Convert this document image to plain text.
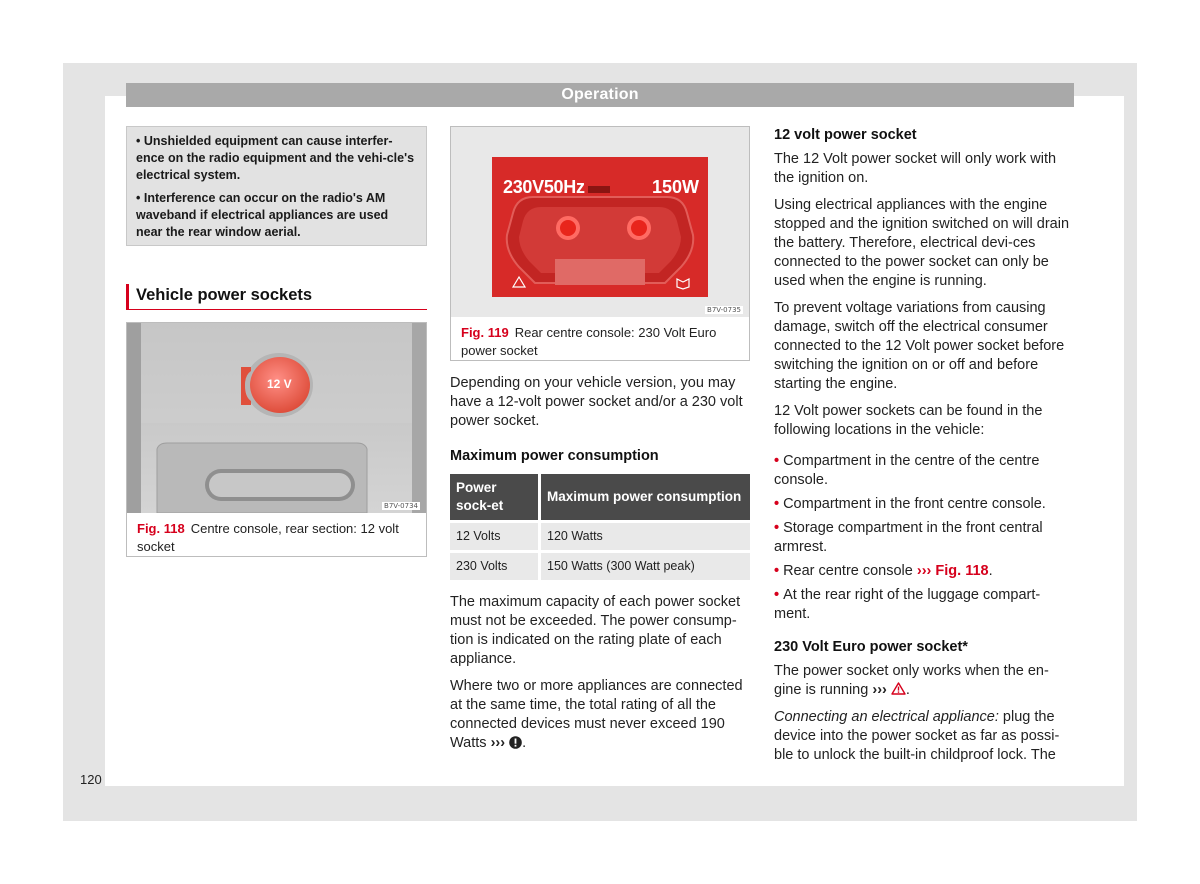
Operation

• Unshielded equipment can cause interfer-ence on the radio equipment and the vehi-cle's electrical system.

• Interference can occur on the radio's AM waveband if electrical appliances are used near the rear window aerial.

Vehicle power sockets
12 V
B7V-0734
Fig. 118 Centre console, rear section: 12 volt socket
230V50Hz	150W
B7V-0735
Fig. 119 Rear centre console: 230 Volt Euro power socket

Depending on your vehicle version, you may have a 12-volt power socket and/or a 230 volt power socket.

Maximum power consumption

Power sock-et	Maximum power consumption
12 Volts	120 Watts
230 Volts	150 Watts (300 Watt peak)

The maximum capacity of each power socket must not be exceeded. The power consump-tion is indicated on the rating plate of each appliance.

Where two or more appliances are connected at the same time, the total rating of all the connected devices must never exceed 190 Watts ››› .

12 volt power socket

The 12 Volt power socket will only work with the ignition on.

Using electrical appliances with the engine stopped and the ignition switched on will drain the battery. Therefore, electrical devi-ces connected to the power socket can only be used when the engine is running.

To prevent voltage variations from causing damage, switch off the electrical consumer connected to the 12 Volt power socket before switching the ignition on or off and before starting the engine.

12 Volt power sockets can be found in the following locations in the vehicle:

• Compartment in the centre of the centre console.

• Compartment in the front centre console.

• Storage compartment in the front central armrest.

• Rear centre console ››› Fig. 118.

• At the rear right of the luggage compart-ment.

230 Volt Euro power socket*

The power socket only works when the en-gine is running ››› .

Connecting an electrical appliance: plug the device into the power socket as far as possi-ble to unlock the built-in childproof lock. The

120
